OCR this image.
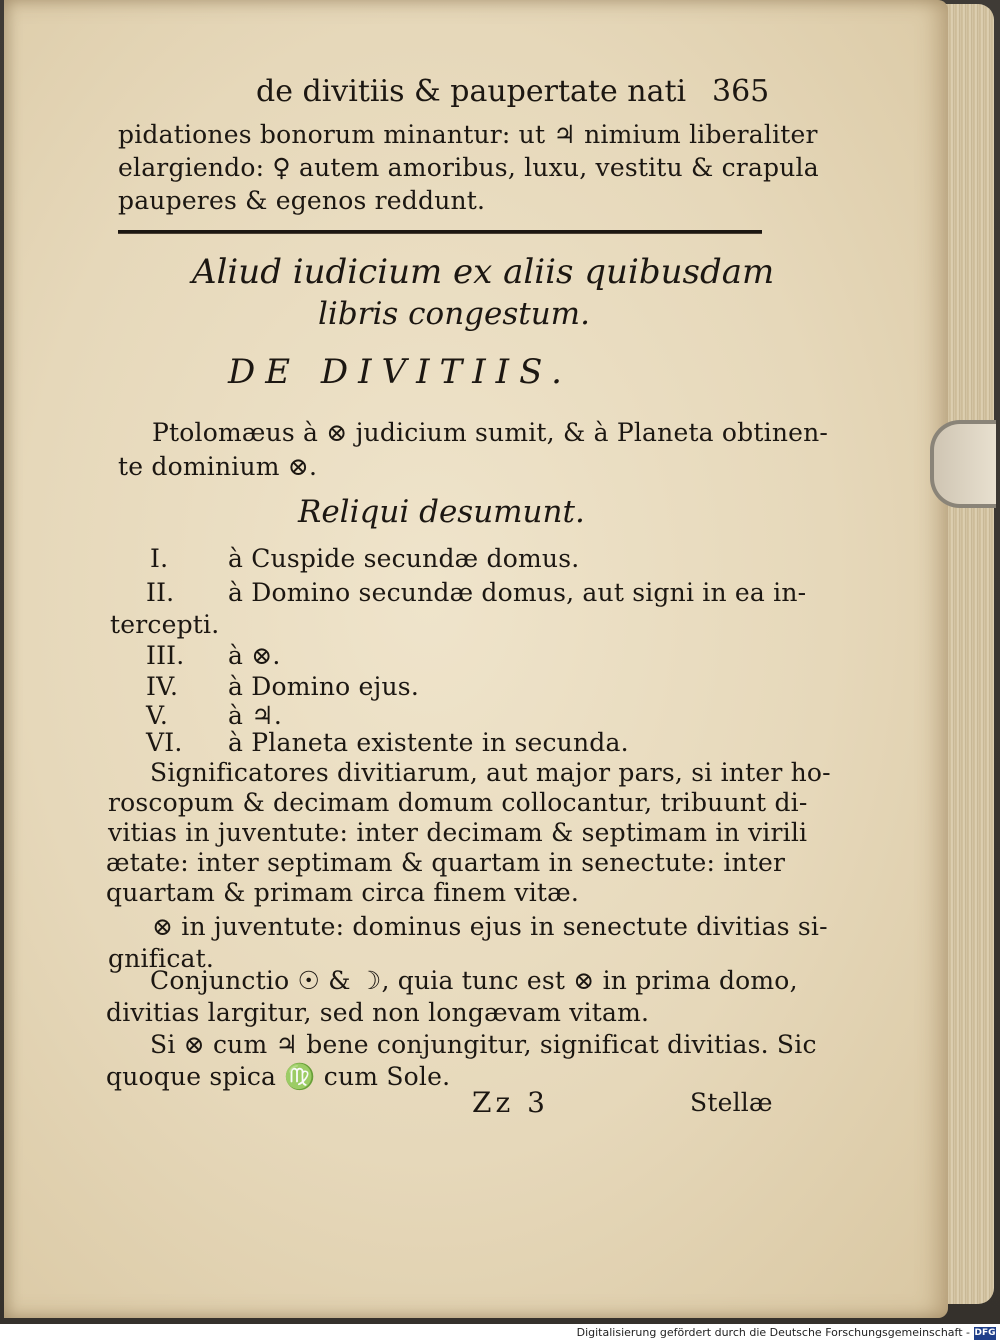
de divitiis & paupertate nati 365
pidationes bonorum minantur: ut ♃ nimium liberaliter
elargiendo: ♀ autem amoribus, luxu, vestitu & crapula
pauperes & egenos reddunt.
Aliud iudicium ex aliis quibusdam
libris congestum.
DE DIVITIIS.
Ptolomæus à ⊗ judicium sumit, & à Planeta obtinen-
te dominium ⊗.
Reliqui desumunt.
I. à Cuspide secundæ domus.
II. à Domino secundæ domus, aut signi in ea in-
tercepti.
III. à ⊗.
IV. à Domino ejus.
V. à ♃.
VI. à Planeta existente in secunda.
Significatores divitiarum, aut major pars, si inter ho-
roscopum & decimam domum collocantur, tribuunt di-
vitias in juventute: inter decimam & septimam in virili
ætate: inter septimam & quartam in senectute: inter
quartam & primam circa finem vitæ.
⊗ in juventute: dominus ejus in senectute divitias si-
gnificat.
Conjunctio ☉ & ☽, quia tunc est ⊗ in prima domo,
divitias largitur, sed non longævam vitam.
Si ⊗ cum ♃ bene conjungitur, significat divitias. Sic
quoque spica ♍ cum Sole.
Zz 3	Stellæ
Digitalisierung gefördert durch die Deutsche Forschungsgemeinschaft - DFG
